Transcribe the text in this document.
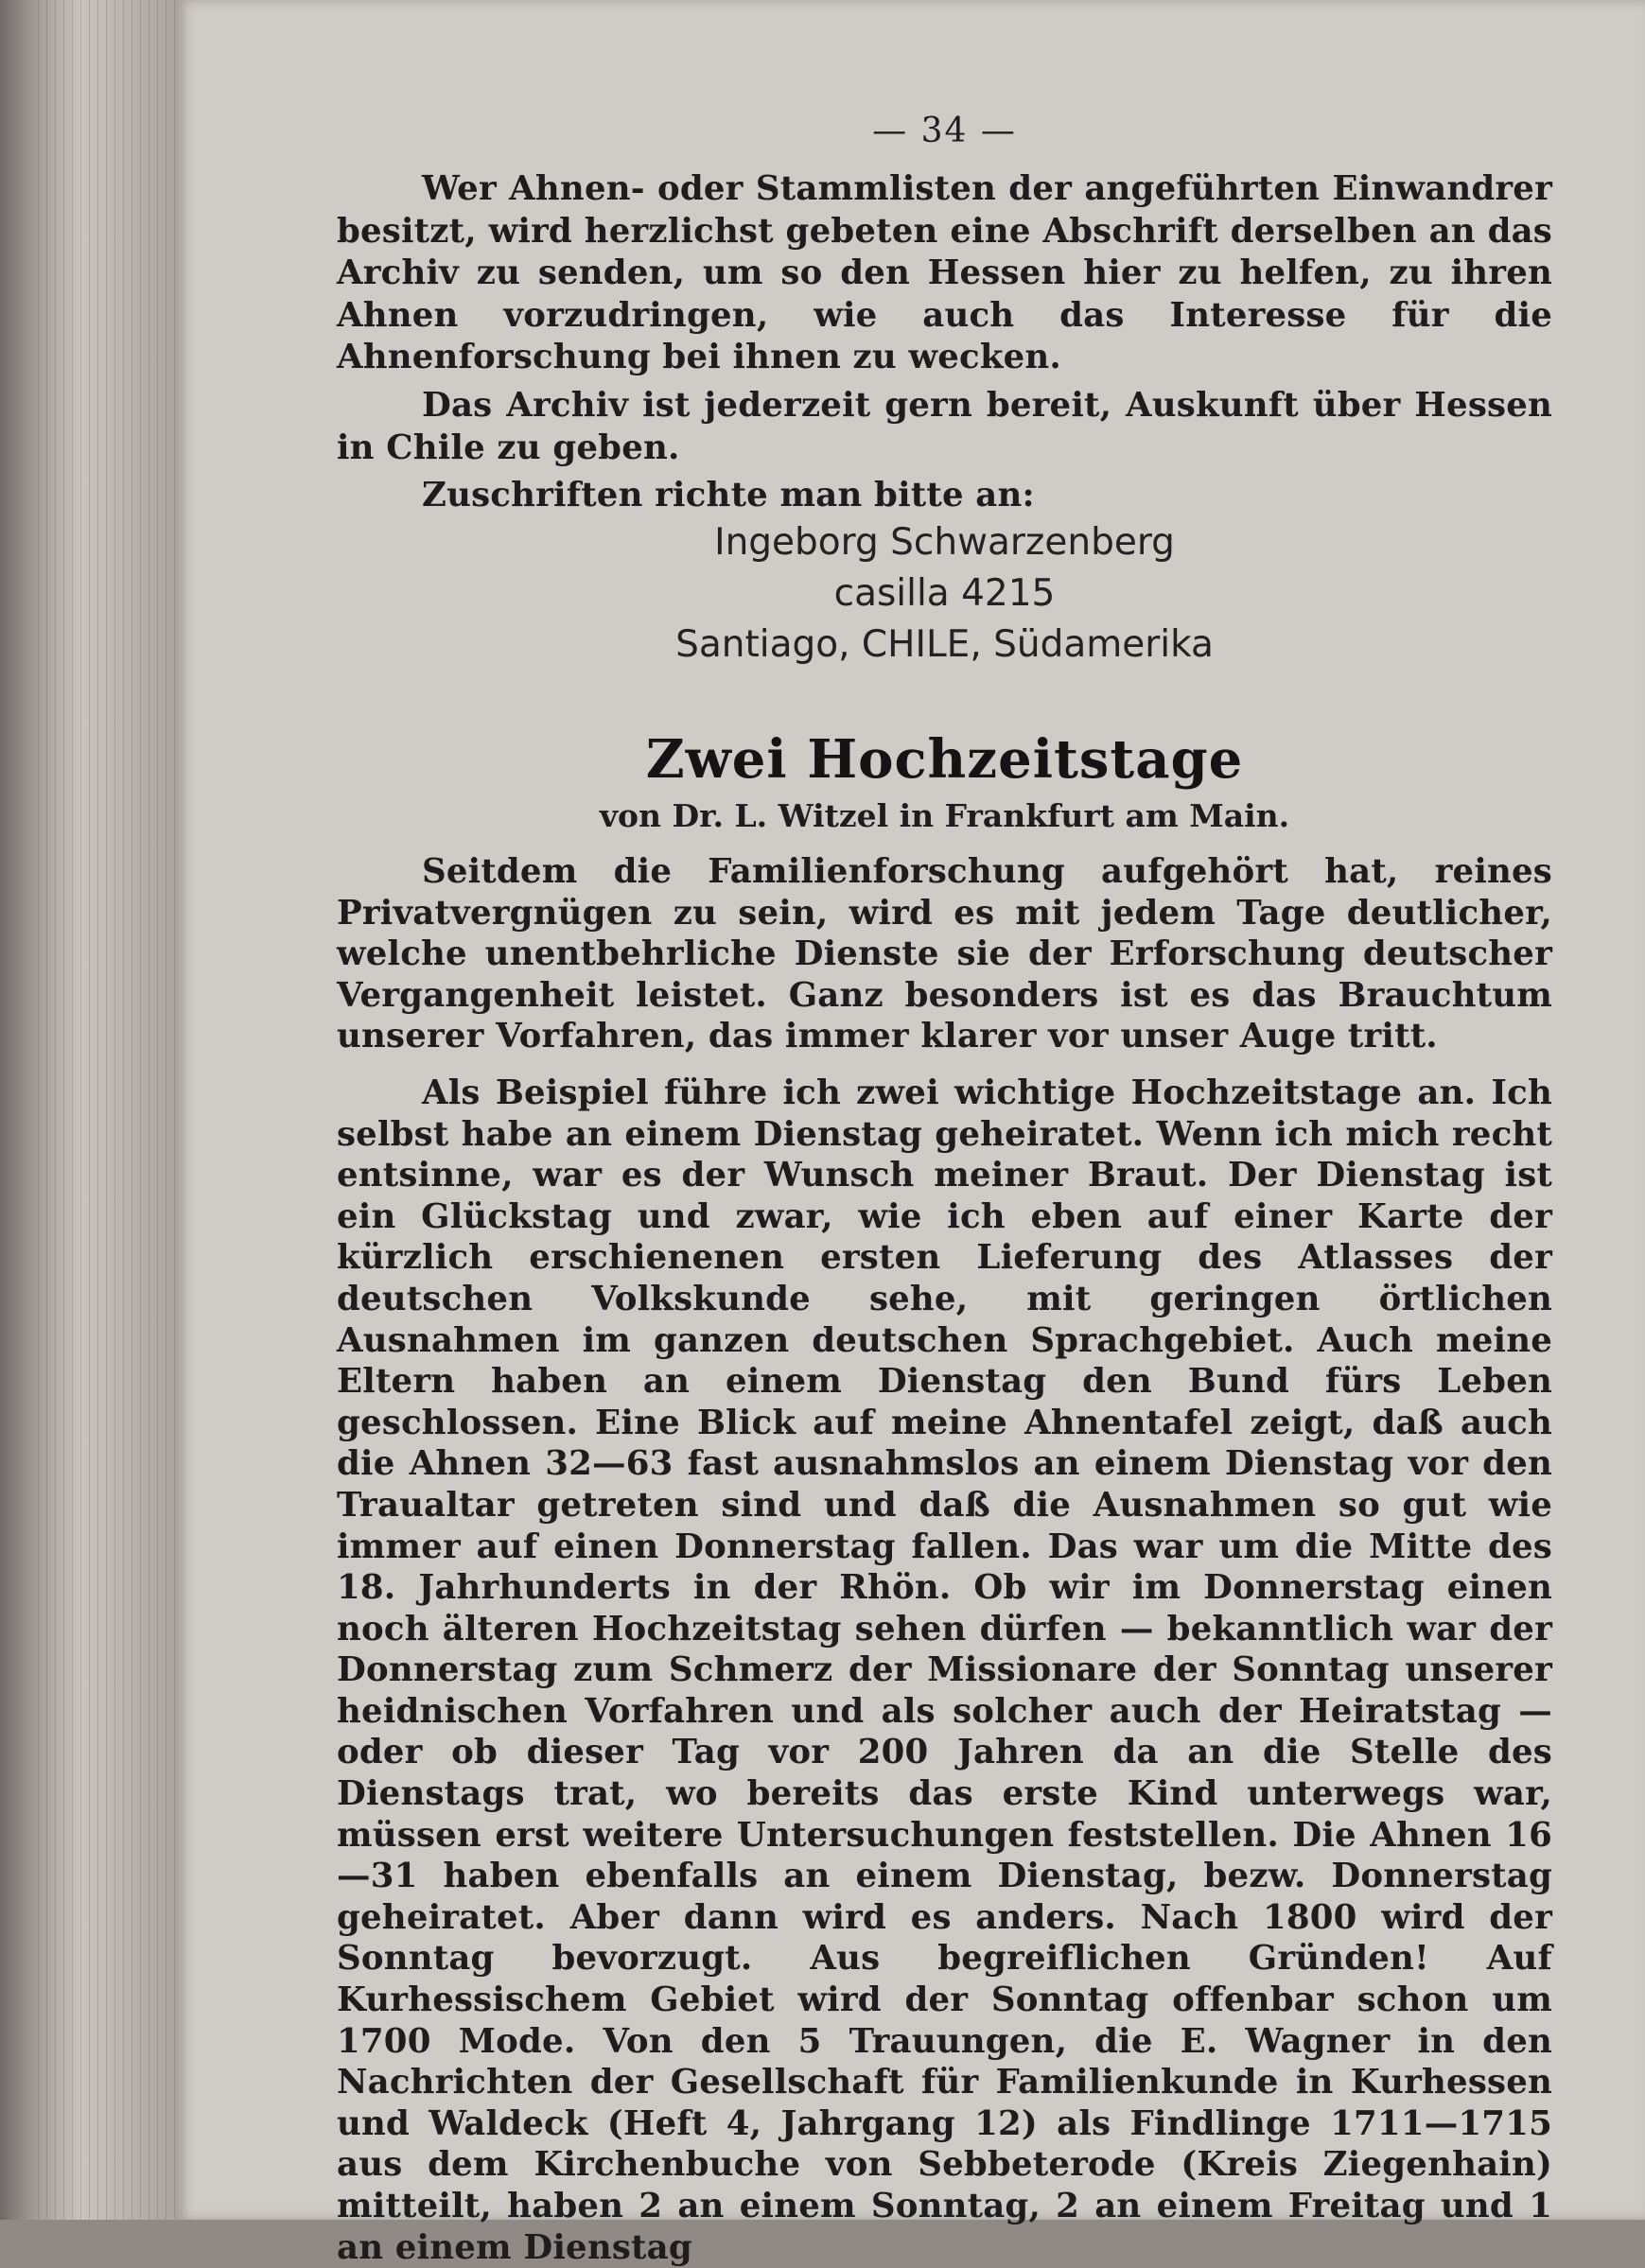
— 34 —

Wer Ahnen- oder Stammlisten der angeführten Einwandrer besitzt, wird herzlichst gebeten eine Abschrift derselben an das Archiv zu senden, um so den Hessen hier zu helfen, zu ihren Ahnen vorzudringen, wie auch das Interesse für die Ahnenforschung bei ihnen zu wecken.

Das Archiv ist jederzeit gern bereit, Auskunft über Hessen in Chile zu geben.

Zuschriften richte man bitte an:

Ingeborg Schwarzenberg
casilla 4215
Santiago, CHILE, Südamerika
Zwei Hochzeitstage
von Dr. L. Witzel in Frankfurt am Main.

Seitdem die Familienforschung aufgehört hat, reines Privatvergnügen zu sein, wird es mit jedem Tage deutlicher, welche unentbehrliche Dienste sie der Erforschung deutscher Vergangenheit leistet. Ganz besonders ist es das Brauchtum unserer Vorfahren, das immer klarer vor unser Auge tritt.

Als Beispiel führe ich zwei wichtige Hochzeitstage an. Ich selbst habe an einem Dienstag geheiratet. Wenn ich mich recht entsinne, war es der Wunsch meiner Braut. Der Dienstag ist ein Glückstag und zwar, wie ich eben auf einer Karte der kürzlich erschienenen ersten Lieferung des Atlasses der deutschen Volkskunde sehe, mit geringen örtlichen Ausnahmen im ganzen deutschen Sprachgebiet. Auch meine Eltern haben an einem Dienstag den Bund fürs Leben geschlossen. Eine Blick auf meine Ahnentafel zeigt, daß auch die Ahnen 32—63 fast ausnahmslos an einem Dienstag vor den Traualtar getreten sind und daß die Ausnahmen so gut wie immer auf einen Donnerstag fallen. Das war um die Mitte des 18. Jahrhunderts in der Rhön. Ob wir im Donnerstag einen noch älteren Hochzeitstag sehen dürfen — bekanntlich war der Donnerstag zum Schmerz der Missionare der Sonntag unserer heidnischen Vorfahren und als solcher auch der Heiratstag — oder ob dieser Tag vor 200 Jahren da an die Stelle des Dienstags trat, wo bereits das erste Kind unterwegs war, müssen erst weitere Untersuchungen feststellen. Die Ahnen 16—31 haben ebenfalls an einem Dienstag, bezw. Donnerstag geheiratet. Aber dann wird es anders. Nach 1800 wird der Sonntag bevorzugt. Aus begreiflichen Gründen! Auf Kurhessischem Gebiet wird der Sonntag offenbar schon um 1700 Mode. Von den 5 Trauungen, die E. Wagner in den Nachrichten der Gesellschaft für Familienkunde in Kurhessen und Waldeck (Heft 4, Jahrgang 12) als Findlinge 1711—1715 aus dem Kirchenbuche von Sebbeterode (Kreis Ziegenhain) mitteilt, haben 2 an einem Sonntag, 2 an einem Freitag und 1 an einem Dienstag
